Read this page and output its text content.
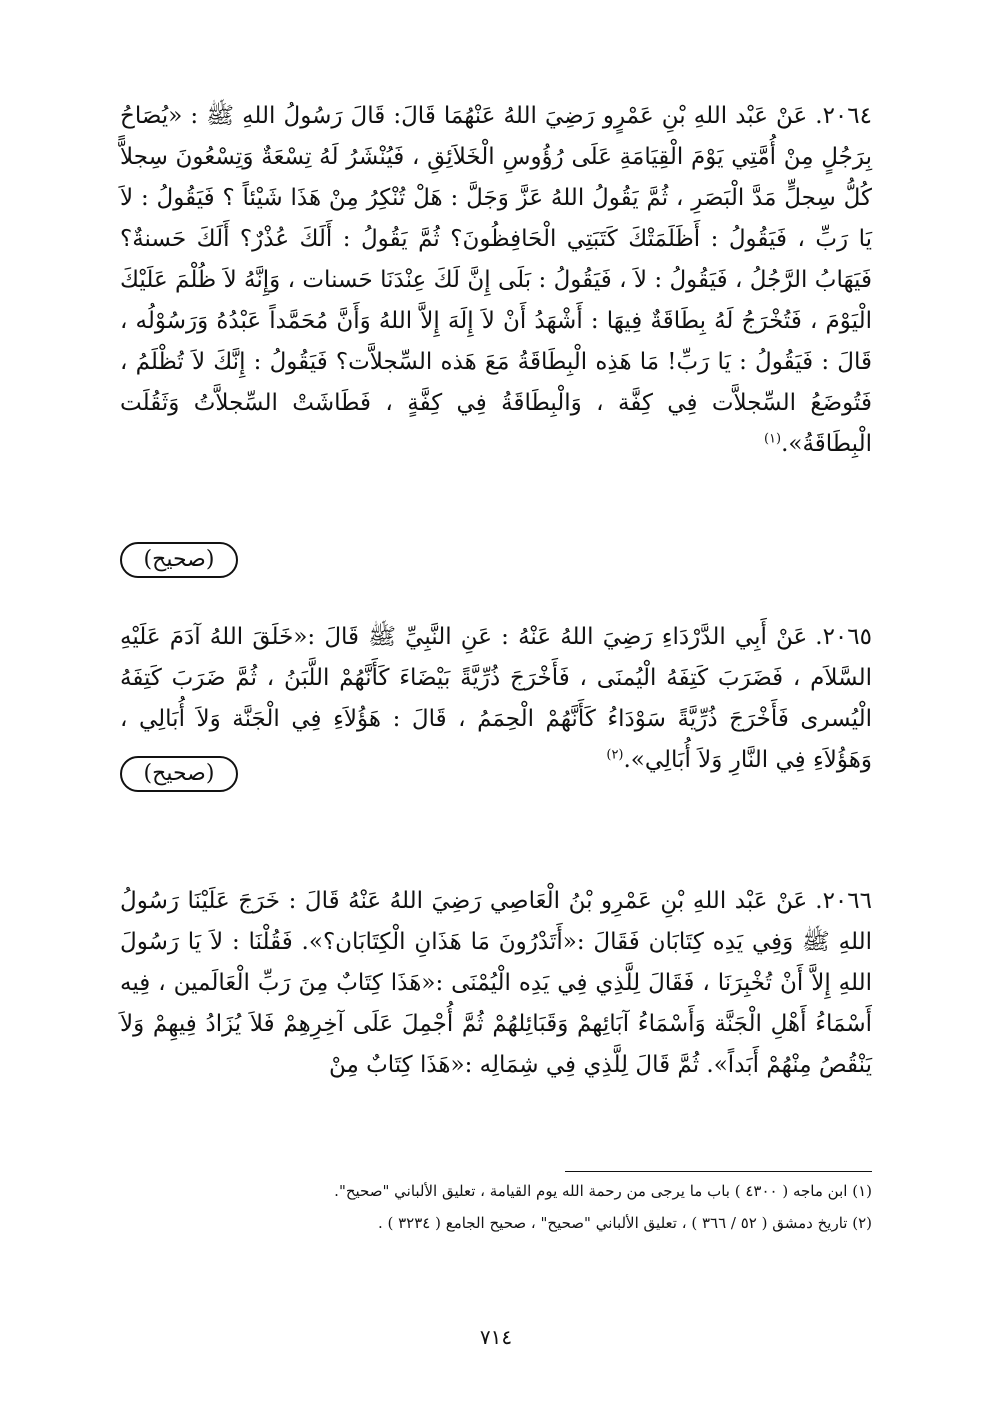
٢٠٦٤.عَنْ عَبْد اللهِ بْنِ عَمْرٍو رَضِيَ اللهُ عَنْهُمَا قَالَ: قَالَ رَسُولُ اللهِ ﷺ : «يُصَاحُ بِرَجُلٍ مِنْ أُمَّتِي يَوْمَ الْقِيَامَةِ عَلَى رُؤُوسِ الْخَلاَئِقِ ، فَيُنْشَرُ لَهُ تِسْعَةٌ وَتِسْعُونَ سِجلاًّ كُلُّ سِجلٍّ مَدَّ الْبَصَرِ ، ثُمَّ يَقُولُ اللهُ عَزَّ وَجَلَّ : هَلْ تُنْكِرُ مِنْ هَذَا شَيْئاً ؟ فَيَقُولُ : لاَ يَا رَبِّ ، فَيَقُولُ : أَظَلَمَتْكَ كَتَبَتِي الْحَافِظُونَ؟ ثُمَّ يَقُولُ : أَلَكَ عُذْرٌ؟ أَلَكَ حَسنةٌ؟ فَيَهَابُ الرَّجُلُ ، فَيَقُولُ : لاَ ، فَيَقُولُ : بَلَى إِنَّ لَكَ عِنْدَنَا حَسنات ، وَإِنَّهُ لاَ ظُلْمَ عَلَيْكَ الْيَوْمَ ، فَتُخْرَجُ لَهُ بِطَاقَةٌ فِيهَا : أَشْهَدُ أَنْ لاَ إِلَهَ إِلاَّ اللهُ وَأَنَّ مُحَمَّداً عَبْدُهُ وَرَسُوْلُه ، قَالَ : فَيَقُولُ : يَا رَبِّ! مَا هَذِه الْبِطَاقَةُ مَعَ هَذه السِّجلاَّت؟ فَيَقُولُ : إِنَّكَ لاَ تُظْلَمُ ، فَتُوضَعُ السِّجلاَّت فِي كِفَّة ، وَالْبِطَاقَةُ فِي كِفَّةٍ ، فَطَاشَتْ السِّجلاَّتُ وَثَقُلَت الْبِطَاقَةُ».$^{(١)}$
(صحيح)
٢٠٦٥.عَنْ أَبِي الدَّرْدَاءِ رَضِيَ اللهُ عَنْهُ : عَنِ النَّبِيِّ ﷺ قَالَ :«خَلَقَ اللهُ آدَمَ عَلَيْهِ السَّلاَم ، فَضَرَبَ كَتِفَهُ الْيُمنَى ، فَأَخْرَجَ ذُرِّيَّةً بَيْضَاءَ كَأَنَّهُمْ اللَّبَنُ ، ثُمَّ ضَرَبَ كَتِفَهُ الْيُسرى فَأَخْرَجَ ذُرِّيَّةً سَوْدَاءُ كَأَنَّهُمْ الْحِمَمُ ، قَالَ : هَؤُلاَءِ فِي الْجَنَّة وَلاَ أُبَالِي ، وَهَؤُلاَءِ فِي النَّارِ وَلاَ أُبَالِي».$^{(٢)}$
(صحيح)
٢٠٦٦.عَنْ عَبْد اللهِ بْنِ عَمْرِو بْنُ الْعَاصِي رَضِيَ اللهُ عَنْهُ قَالَ : خَرَجَ عَلَيْنَا رَسُولُ اللهِ ﷺ وَفِي يَدِه كِتَابَان فَقَالَ :«أَتَدْرُونَ مَا هَذَانِ الْكِتَابَان؟». فَقُلْنَا : لاَ يَا رَسُولَ اللهِ إِلاَّ أَنْ تُخْبِرَنَا ، فَقَالَ لِلَّذِي فِي يَدِه الْيُمْنَى :«هَذَا كِتَابٌ مِنَ رَبِّ الْعَالَمين ، فِيه أَسْمَاءُ أَهْلِ الْجَنَّة وَأَسْمَاءُ آبَائِهمْ وَقَبَائِلهُمْ ثُمَّ أُجْمِلَ عَلَى آخِرِهِمْ فَلاَ يُزَادُ فِيهِمْ وَلاَ يَنْقُصُ مِنْهُمْ أَبَداً». ثُمَّ قَالَ لِلَّذِي فِي شِمَالِه :«هَذَا كِتَابٌ مِنْ
(١) ابن ماجه ( ٤٣٠٠ ) باب ما يرجى من رحمة الله يوم القيامة ، تعليق الألباني "صحيح".
(٢) تاريخ دمشق ( ٥٢ / ٣٦٦ ) ، تعليق الألباني "صحيح" ، صحيح الجامع ( ٣٢٣٤ ) .
٧١٤
